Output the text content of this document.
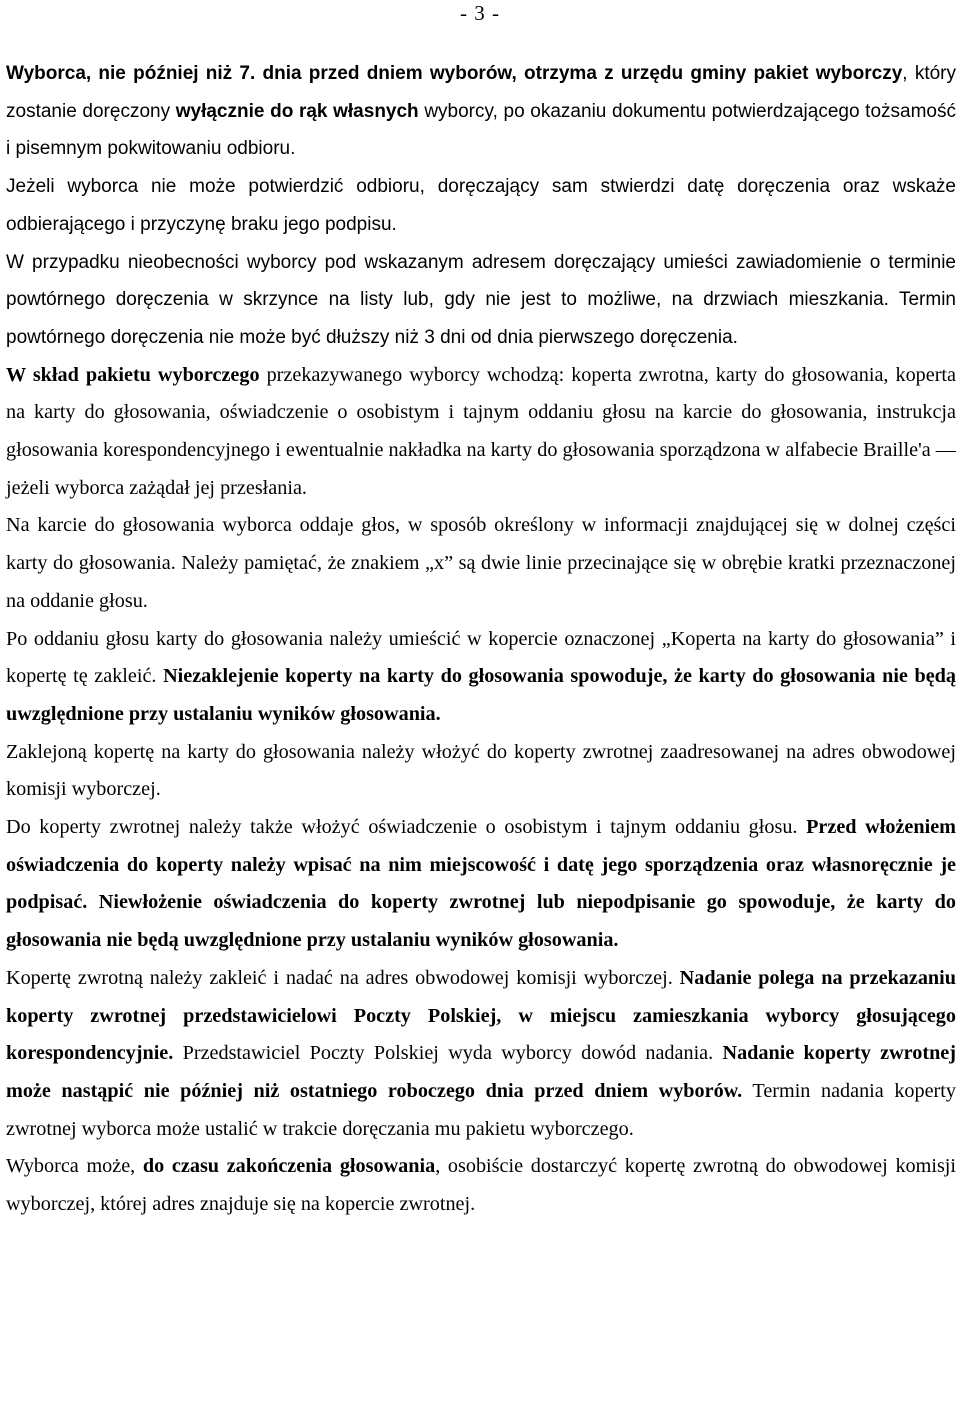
- 3 -

Wyborca, nie później niż 7. dnia przed dniem wyborów, otrzyma z urzędu gminy pakiet wyborczy, który zostanie doręczony wyłącznie do rąk własnych wyborcy, po okazaniu dokumentu potwierdzającego tożsamość i pisemnym pokwitowaniu odbioru.

Jeżeli wyborca nie może potwierdzić odbioru, doręczający sam stwierdzi datę doręczenia oraz wskaże odbierającego i przyczynę braku jego podpisu.

W przypadku nieobecności wyborcy pod wskazanym adresem doręczający umieści zawiadomienie o terminie powtórnego doręczenia w skrzynce na listy lub, gdy nie jest to możliwe, na drzwiach mieszkania. Termin powtórnego doręczenia nie może być dłuższy niż 3 dni od dnia pierwszego doręczenia.

W skład pakietu wyborczego przekazywanego wyborcy wchodzą: koperta zwrotna, karty do głosowania, koperta na karty do głosowania, oświadczenie o osobistym i tajnym oddaniu głosu na karcie do głosowania, instrukcja głosowania korespondencyjnego i ewentualnie nakładka na karty do głosowania sporządzona w alfabecie Braille'a — jeżeli wyborca zażądał jej przesłania.

Na karcie do głosowania wyborca oddaje głos, w sposób określony w informacji znajdującej się w dolnej części karty do głosowania. Należy pamiętać, że znakiem „x” są dwie linie przecinające się w obrębie kratki przeznaczonej na oddanie głosu.

Po oddaniu głosu karty do głosowania należy umieścić w kopercie oznaczonej „Koperta na karty do głosowania” i kopertę tę zakleić. Niezaklejenie koperty na karty do głosowania spowoduje, że karty do głosowania nie będą uwzględnione przy ustalaniu wyników głosowania.

Zaklejoną kopertę na karty do głosowania należy włożyć do koperty zwrotnej zaadresowanej na adres obwodowej komisji wyborczej.

Do koperty zwrotnej należy także włożyć oświadczenie o osobistym i tajnym oddaniu głosu. Przed włożeniem oświadczenia do koperty należy wpisać na nim miejscowość i datę jego sporządzenia oraz własnoręcznie je podpisać. Niewłożenie oświadczenia do koperty zwrotnej lub niepodpisanie go spowoduje, że karty do głosowania nie będą uwzględnione przy ustalaniu wyników głosowania.

Kopertę zwrotną należy zakleić i nadać na adres obwodowej komisji wyborczej. Nadanie polega na przekazaniu koperty zwrotnej przedstawicielowi Poczty Polskiej, w miejscu zamieszkania wyborcy głosującego korespondencyjnie. Przedstawiciel Poczty Polskiej wyda wyborcy dowód nadania. Nadanie koperty zwrotnej może nastąpić nie później niż ostatniego roboczego dnia przed dniem wyborów. Termin nadania koperty zwrotnej wyborca może ustalić w trakcie doręczania mu pakietu wyborczego.

Wyborca może, do czasu zakończenia głosowania, osobiście dostarczyć kopertę zwrotną do obwodowej komisji wyborczej, której adres znajduje się na kopercie zwrotnej.
